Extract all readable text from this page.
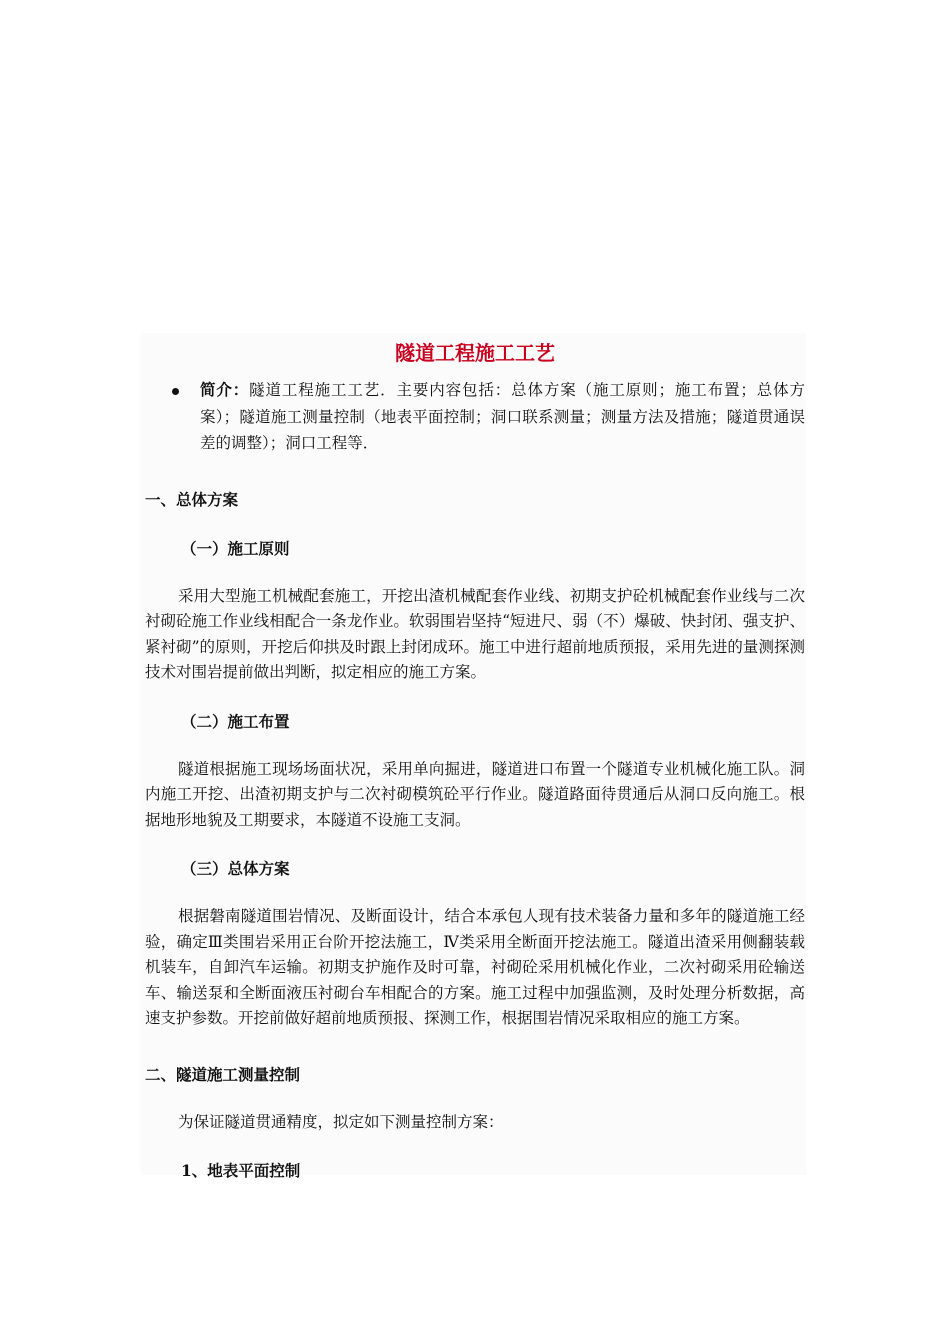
隧道工程施工工艺
简介：隧道工程施工工艺．主要内容包括：总体方案（施工原则；施工布置；总体方案）；隧道施工测量控制（地表平面控制；洞口联系测量；测量方法及措施；隧道贯通误差的调整）；洞口工程等．
一、总体方案
（一）施工原则
采用大型施工机械配套施工，开挖出渣机械配套作业线、初期支护砼机械配套作业线与二次衬砌砼施工作业线相配合一条龙作业。软弱围岩坚持“短进尺、弱（不）爆破、快封闭、强支护、紧衬砌”的原则，开挖后仰拱及时跟上封闭成环。施工中进行超前地质预报，采用先进的量测探测技术对围岩提前做出判断，拟定相应的施工方案。
（二）施工布置
隧道根据施工现场场面状况，采用单向掘进，隧道进口布置一个隧道专业机械化施工队。洞内施工开挖、出渣初期支护与二次衬砌模筑砼平行作业。隧道路面待贯通后从洞口反向施工。根据地形地貌及工期要求，本隧道不设施工支洞。
（三）总体方案
根据磐南隧道围岩情况、及断面设计，结合本承包人现有技术装备力量和多年的隧道施工经验，确定Ⅲ类围岩采用正台阶开挖法施工，Ⅳ类采用全断面开挖法施工。隧道出渣采用侧翻装载机装车，自卸汽车运输。初期支护施作及时可靠，衬砌砼采用机械化作业，二次衬砌采用砼输送车、输送泵和全断面液压衬砌台车相配合的方案。施工过程中加强监测，及时处理分析数据，高速支护参数。开挖前做好超前地质预报、探测工作，根据围岩情况采取相应的施工方案。
二、隧道施工测量控制
为保证隧道贯通精度，拟定如下测量控制方案：
1、地表平面控制
